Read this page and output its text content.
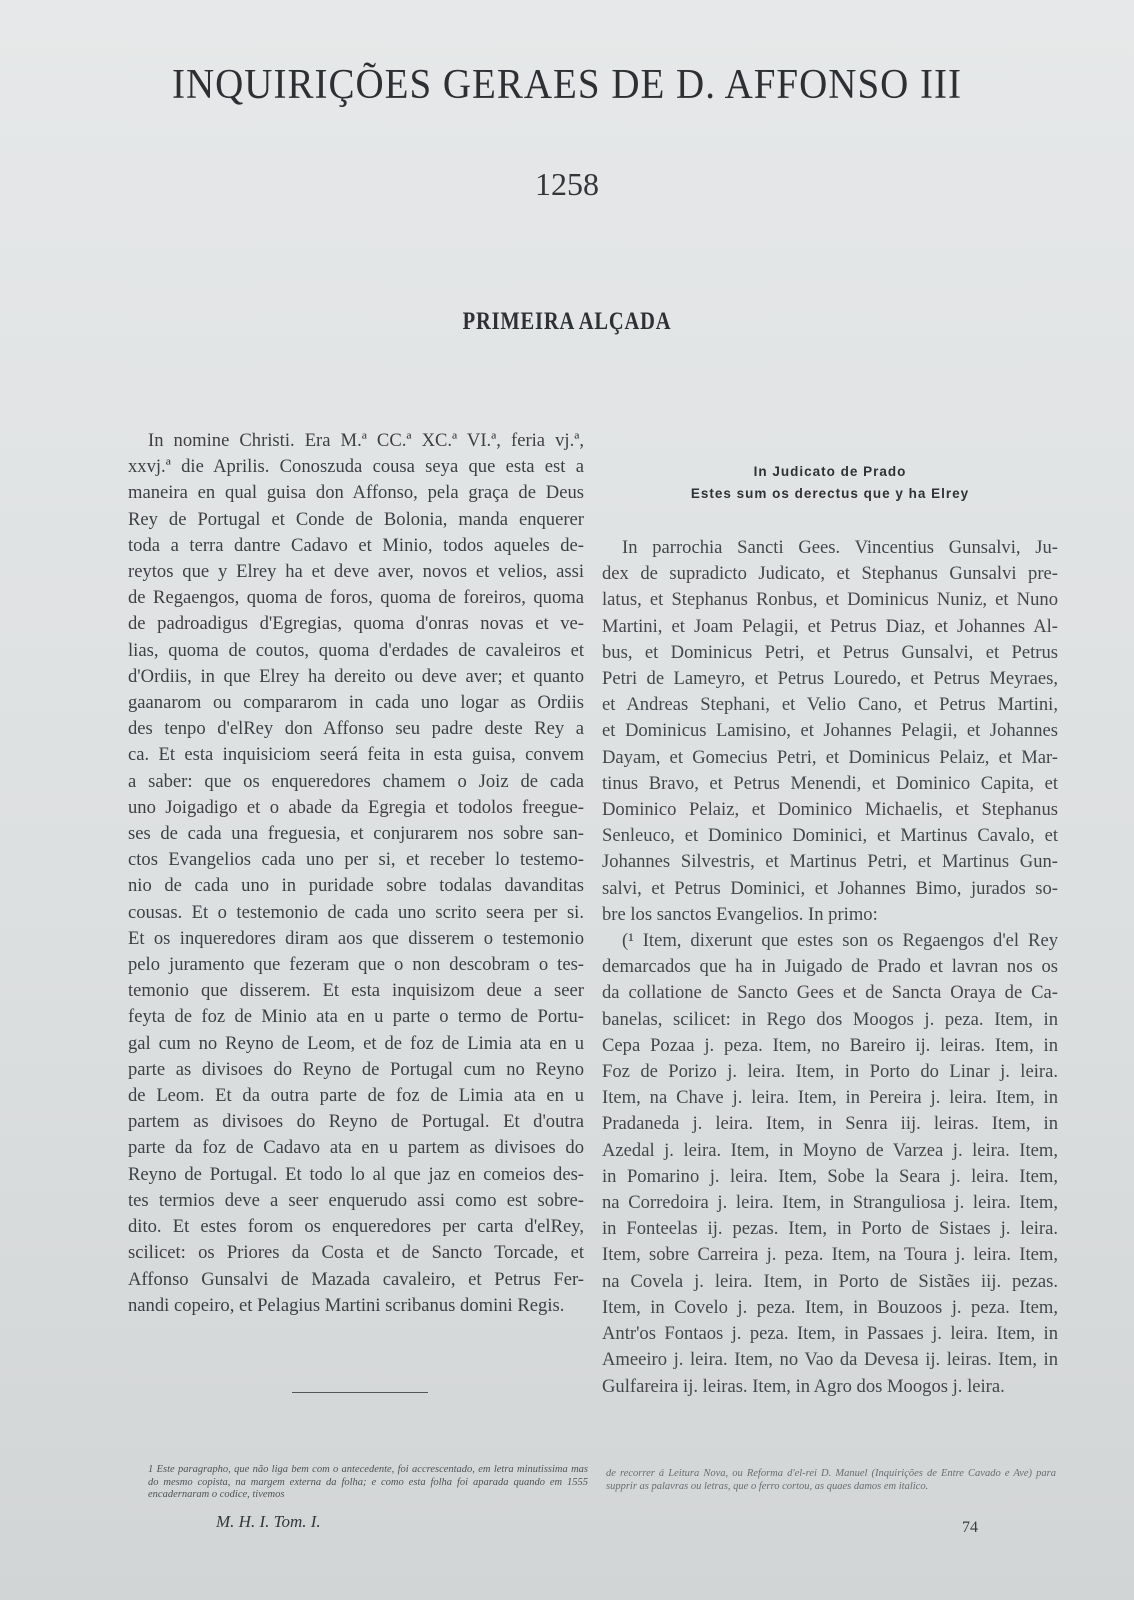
INQUIRIÇÕES GERAES DE D. AFFONSO III
1258
PRIMEIRA ALÇADA
In nomine Christi. Era M.ª CC.ª XC.ª VI.ª, feria vj.ª,
xxvj.ª die Aprilis. Conoszuda cousa seya que esta est a
maneira en qual guisa don Affonso, pela graça de Deus
Rey de Portugal et Conde de Bolonia, manda enquerer
toda a terra dantre Cadavo et Minio, todos aqueles de-
reytos que y Elrey ha et deve aver, novos et velios, assi
de Regaengos, quoma de foros, quoma de foreiros, quoma
de padroadigus d'Egregias, quoma d'onras novas et ve-
lias, quoma de coutos, quoma d'erdades de cavaleiros et
d'Ordiis, in que Elrey ha dereito ou deve aver; et quanto
gaanarom ou compararom in cada uno logar as Ordiis
des tenpo d'elRey don Affonso seu padre deste Rey a
ca. Et esta inquisiciom seerá feita in esta guisa, convem
a saber: que os enqueredores chamem o Joiz de cada
uno Joigadigo et o abade da Egregia et todolos freegue-
ses de cada una freguesia, et conjurarem nos sobre san-
ctos Evangelios cada uno per si, et receber lo testemo-
nio de cada uno in puridade sobre todalas davanditas
cousas. Et o testemonio de cada uno scrito seera per si.
Et os inqueredores diram aos que disserem o testemonio
pelo juramento que fezeram que o non descobram o tes-
temonio que disserem. Et esta inquisizom deue a seer
feyta de foz de Minio ata en u parte o termo de Portu-
gal cum no Reyno de Leom, et de foz de Limia ata en u
parte as divisoes do Reyno de Portugal cum no Reyno
de Leom. Et da outra parte de foz de Limia ata en u
partem as divisoes do Reyno de Portugal. Et d'outra
parte da foz de Cadavo ata en u partem as divisoes do
Reyno de Portugal. Et todo lo al que jaz en comeios des-
tes termios deve a seer enquerudo assi como est sobre-
dito. Et estes forom os enqueredores per carta d'elRey,
scilicet: os Priores da Costa et de Sancto Torcade, et
Affonso Gunsalvi de Mazada cavaleiro, et Petrus Fer-
nandi copeiro, et Pelagius Martini scribanus domini Regis.
In Judicato de Prado
Estes sum os derectus que y ha Elrey
In parrochia Sancti Gees. Vincentius Gunsalvi, Ju-
dex de supradicto Judicato, et Stephanus Gunsalvi pre-
latus, et Stephanus Ronbus, et Dominicus Nuniz, et Nuno
Martini, et Joam Pelagii, et Petrus Diaz, et Johannes Al-
bus, et Dominicus Petri, et Petrus Gunsalvi, et Petrus
Petri de Lameyro, et Petrus Louredo, et Petrus Meyraes,
et Andreas Stephani, et Velio Cano, et Petrus Martini,
et Dominicus Lamisino, et Johannes Pelagii, et Johannes
Dayam, et Gomecius Petri, et Dominicus Pelaiz, et Mar-
tinus Bravo, et Petrus Menendi, et Dominico Capita, et
Dominico Pelaiz, et Dominico Michaelis, et Stephanus
Senleuco, et Dominico Dominici, et Martinus Cavalo, et
Johannes Silvestris, et Martinus Petri, et Martinus Gun-
salvi, et Petrus Dominici, et Johannes Bimo, jurados so-
bre los sanctos Evangelios. In primo:
(¹ Item, dixerunt que estes son os Regaengos d'el Rey
demarcados que ha in Juigado de Prado et lavran nos os
da collatione de Sancto Gees et de Sancta Oraya de Ca-
banelas, scilicet: in Rego dos Moogos j. peza. Item, in
Cepa Pozaa j. peza. Item, no Bareiro ij. leiras. Item, in
Foz de Porizo j. leira. Item, in Porto do Linar j. leira.
Item, na Chave j. leira. Item, in Pereira j. leira. Item, in
Pradaneda j. leira. Item, in Senra iij. leiras. Item, in
Azedal j. leira. Item, in Moyno de Varzea j. leira. Item,
in Pomarino j. leira. Item, Sobe la Seara j. leira. Item,
na Corredoira j. leira. Item, in Stranguliosa j. leira. Item,
in Fonteelas ij. pezas. Item, in Porto de Sistaes j. leira.
Item, sobre Carreira j. peza. Item, na Toura j. leira. Item,
na Covela j. leira. Item, in Porto de Sistães iij. pezas.
Item, in Covelo j. peza. Item, in Bouzoos j. peza. Item,
Antr'os Fontaos j. peza. Item, in Passaes j. leira. Item, in
Ameeiro j. leira. Item, no Vao da Devesa ij. leiras. Item, in
Gulfareira ij. leiras. Item, in Agro dos Moogos j. leira.
1 Este paragrapho, que não liga bem com o antecedente, foi accrescentado, em letra minutissima mas do mesmo copista, na margem externa da folha; e como esta folha foi aparada quando em 1555 encadernaram o codice, tivemos
de recorrer á Leitura Nova, ou Reforma d'el-rei D. Manuel (Inquirições de Entre Cavado e Ave) para supprir as palavras ou letras, que o ferro cortou, as quaes damos em italico.
M. H. I. Tom. I.	74
